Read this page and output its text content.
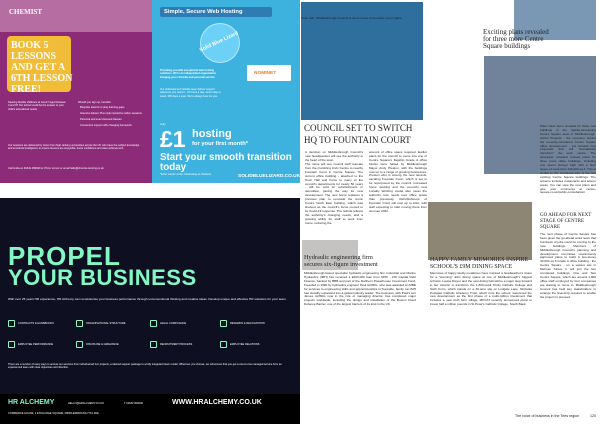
CHEMIST
BOOK 5
LESSONS
AND GET A
6TH LESSON
FREE!
Seeking flexible childcare at home? Aged between 3 and 6? Our school could be the answer to your child's educational needs
Should you sign up, benefits:
Bespoke lessons to plug learning gaps
Intensive Eleven Plus style interactive tuition sessions
Personal and exam-focused classes
Convenient support with changing homework
Our sessions are delivered by tutors from high-ranking universities across the UK who have the subject knowledge and emotional intelligence to ensure lessons are enjoyable, boost confidence and raise achievement.
Call Linda on 01642 499940 or 07xxx xxxxxx or email hello@chemist-tutoring.co.uk
Simple, Secure Web Hosting
Solid Blue Lizard
Providing you with exceptional web hosting solutions. We're an independent organisation bringing you a friendly and personal service.
Our dedicated and reliable team deliver support whenever you need it - 24 hours a day, seven days a week, 365 days a year. We're always here for you.
NOMINET
only
£1 hosting
for your first month*
Start your smooth transition today
*Enter coupon code: freehosting at checkout	SOLIDBLUELIZARD.CO.UK
PROPEL
YOUR BUSINESS
With over 25 years HR experience, HR Alchemy can revolutionise your business performance through unconventional thinking and creative ideas. Develop unique and effective HR solutions for your team.
CONTRACTS & HANDBOOKS	ORGANISATIONAL STRUCTURE	LEGAL COMPLIANCE	REWARDS & RECOGNITION
EMPLOYEE PERFORMANCE	DISCIPLINE & GRIEVANCE	RECRUITMENT PROCESS	EMPLOYEE RELATIONS
There are a number of easy ways to access our services from individual ad hoc projects, a tailored support package to a fully integrated team model. Wherever you choose, we will ensure that you get a one-to-one managed service from an experienced team with clear objectives and direction.
HR ALCHEMY	HELLO@HRALCHEMY.CO.UK	T 01642 000000	WWW.HRALCHEMY.CO.UK
COMMERCE HOUSE, 1 EXCHANGE SQUARE, MIDDLESBROUGH TS1 1DE
Town hall - Middlesbrough Council is set to move to Fountain Court (right)
COUNCIL SET TO SWITCH
HQ TO FOUNTAIN COURT
A decision on Middlesbrough Council's new headquarters will see the authority in the heart of the town.
The move will see council staff relocate from the crumbling Civic Centre to nearby Fountain Court in Centre Square. The current office building - attached to the Town Hall and home to many of the council's departments for nearly 50 years - will be sold for refurbishment or demolition, paving the way for new development. The new home replaces a previous plan to renovate the iconic Centre North East building, which was shelved as the council's focus moved to its Covid-19 response. The rethink reflects the authority's changing needs, and a growing ability for staff to work from home, reducing the
amount of office space required. Earlier plans for the council to move into one of Centre Square's flagship Grade A office blocks were halted by Middlesbrough Mayor Andy Preston, with the buildings now let to a range of growing businesses. Preston who is among the new tenants, vacating Fountain Court, which is set to be repurposed by the council. Increased home working and the council's new Locality Working model also mean the authority now needs less office space than previously. Refurbishment of Fountain Court will cost up to £4m, with staff expecting to start moving there from summer 2022.
Exciting plans revealed
for three more Centre
Square buildings
Plans have been unveiled for three new buildings in the rapidly-developing Centre Square area of Middlesbrough. Ashell Projects - the company behind the recently-completed Centre Square office development - put forward new proposals that will "dramatically transform" the town centre. The developer unveiled revised plans for three more office buildings, including one seven storeys high with a floor space of more than 100,000 sq ft. This is similar to the combined size of the two existing Centre Square buildings. The scheme includes restaurants and leisure areas. You can view the new plans and give your comments at centre-square.co.uk/public-consultation/
GO AHEAD FOR NEXT
STAGE OF CENTRE
SQUARE
The next phase of Centre Square has been given the go-ahead amid news that hundreds of jobs could be coming to the new buildings. Members of Middlesbrough Council's planning and development committee unanimously approved plans to build 3 two-storey 40,000 sq ft Grade A office building - the Centre Square - on a vacant site in Melrose Street. It will join the two completed buildings, One and Two Centre Square, which are around 1,000 office staff employed by four companies are starting to move in. Middlesbrough Council has held key stakeholders to arrange the financing required to enable the project to proceed.
Hydraulic engineering firm
secures six-figure investment
Middlesbrough-based specialist hydraulic engineering firm Industrial and Marine Hydraulics (IMH) has received a £200,000 loan from NPIF - FW Capital Debt Finance, backed by BBB and part of the Northern Powerhouse Investment Fund. Founded in 1990 by hydraulics engineer Paul Griffiths, who was awarded an MBE for services to engineering skills and apprenticeships in Teesside, family-run IMH has steadily expanded into a global industry leader. The business, with Paul's son James Griffiths now in the role of managing director, has completed major projects worldwide, including the design and installation of the Boston Flood Defence Barrier, one of the largest barriers of its kind in the UK.
HAPPY FAMILY MEMORIES INSPIRE
SCHOOL'S £9M DINING SPACE
Memories of happy family mealtimes have inspired a headteacher's vision for a "stunning" £9m dining space at one of Middlesbrough's biggest schools. Louise Dwyer and the new dining hall will be a major step forward in her mission to transform the 1,800-pupil Trinity Catholic College and Sixth Form, which stands on a 30-acre site on Lodgate Lane. Nicholas Postgate Catholic Academy Trust, which runs the school, welcomed the new development as the first phase of a multi-million investment that includes a new sixth form village. MFCAT recently announced plans to invest half a million pounds in St Peter's Catholic College, South Bank.
The voice of business in the Tees region	120
